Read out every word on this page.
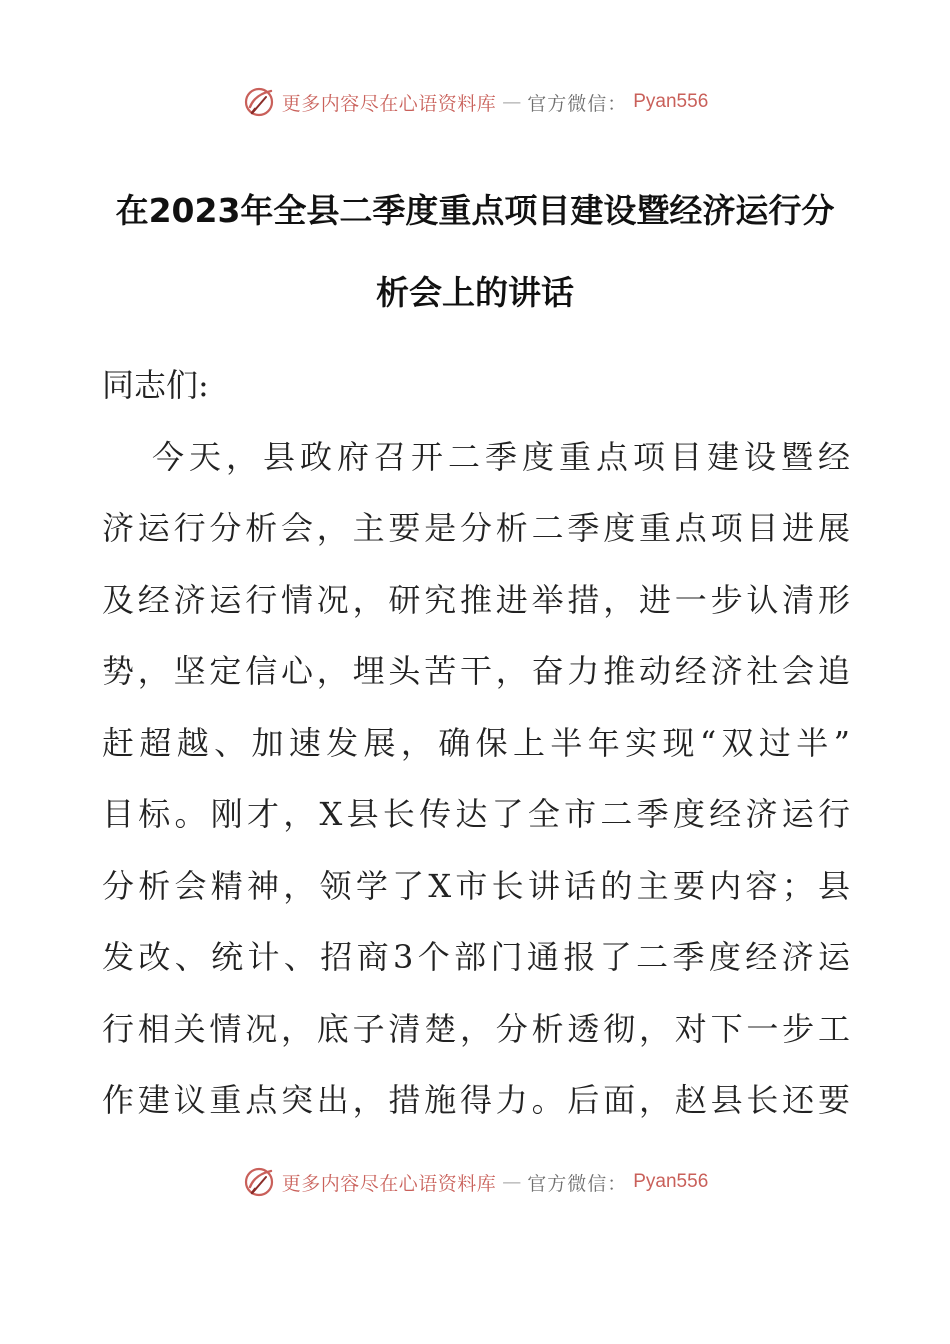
更多内容尽在心语资料库 — 官方微信： Pyan556
在2023年全县二季度重点项目建设暨经济运行分
析会上的讲话
同志们:
今天，县政府召开二季度重点项目建设暨经
济运行分析会，主要是分析二季度重点项目进展
及经济运行情况，研究推进举措，进一步认清形
势，坚定信心，埋头苦干，奋力推动经济社会追
赶超越、加速发展，确保上半年实现“双过半”
目标。刚才，X县长传达了全市二季度经济运行
分析会精神，领学了X市长讲话的主要内容；县
发改、统计、招商3个部门通报了二季度经济运
行相关情况，底子清楚，分析透彻，对下一步工
作建议重点突出，措施得力。后面，赵县长还要
更多内容尽在心语资料库 — 官方微信： Pyan556
